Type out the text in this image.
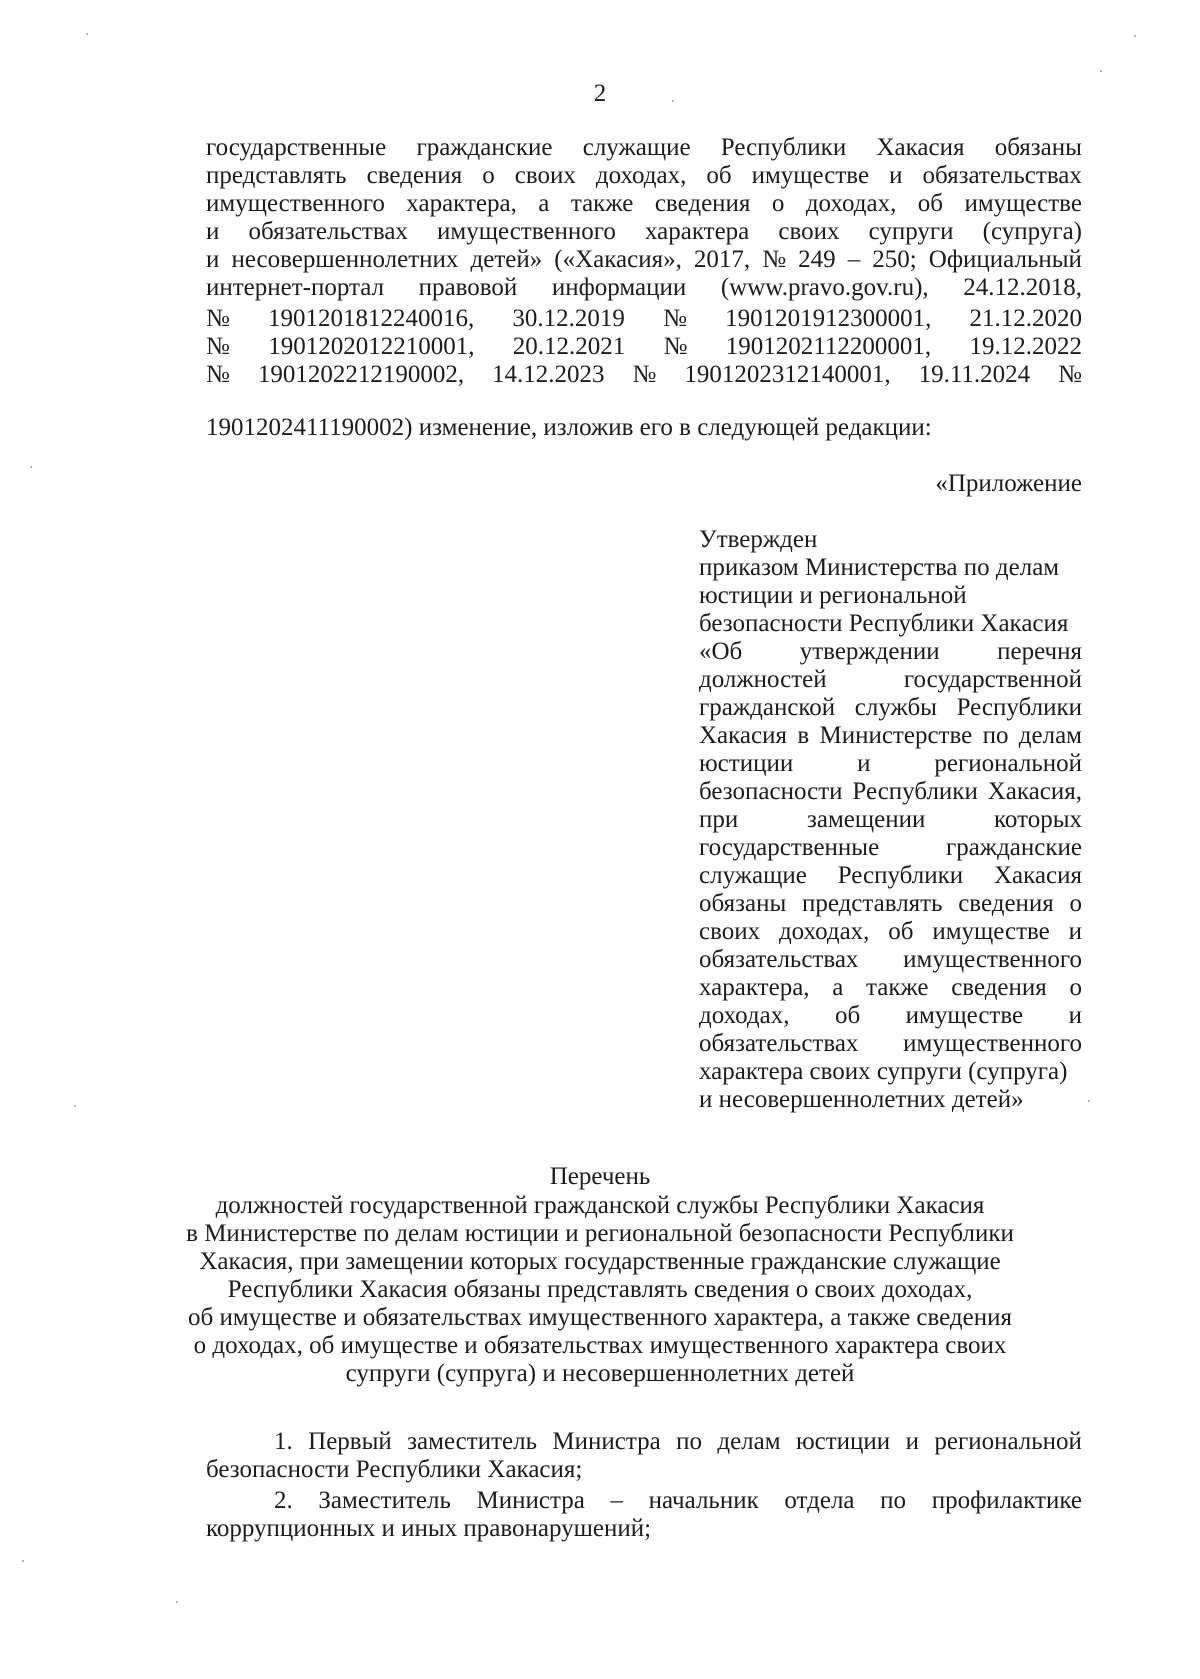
2
государственные гражданские служащие Республики Хакасия обязаны
представлять сведения о своих доходах, об имуществе и обязательствах
имущественного характера, а также сведения о доходах, об имуществе
и обязательствах имущественного характера своих супруги (супруга)
и несовершеннолетних детей» («Хакасия», 2017, № 249 – 250; Официальный
интернет-портал правовой информации (www.pravo.gov.ru), 24.12.2018,
№ 1901201812240016, 30.12.2019 № 1901201912300001, 21.12.2020
№ 1901202012210001, 20.12.2021 № 1901202112200001, 19.12.2022
№ 1901202212190002, 14.12.2023 № 1901202312140001, 19.11.2024 №
1901202411190002) изменение, изложив его в следующей редакции:
«Приложение
Утвержден
приказом Министерства по делам
юстиции и региональной
безопасности Республики Хакасия
«Об утверждении перечня
должностей	государственной
гражданской службы Республики
Хакасия в Министерстве по делам
юстиции	и	региональной
безопасности Республики Хакасия,
при	замещении	которых
государственные	гражданские
служащие Республики Хакасия
обязаны представлять сведения о
своих доходах, об имуществе и
обязательствах имущественного
характера, а также сведения о
доходах, об имуществе и
обязательствах имущественного
характера своих супруги (супруга)
и несовершеннолетних детей»
Перечень
должностей государственной гражданской службы Республики Хакасия
в Министерстве по делам юстиции и региональной безопасности Республики
Хакасия, при замещении которых государственные гражданские служащие
Республики Хакасия обязаны представлять сведения о своих доходах,
об имуществе и обязательствах имущественного характера, а также сведения
о доходах, об имуществе и обязательствах имущественного характера своих
супруги (супруга) и несовершеннолетних детей
1. Первый заместитель Министра по делам юстиции и региональной
безопасности Республики Хакасия;
2. Заместитель Министра – начальник отдела по профилактике
коррупционных и иных правонарушений;
